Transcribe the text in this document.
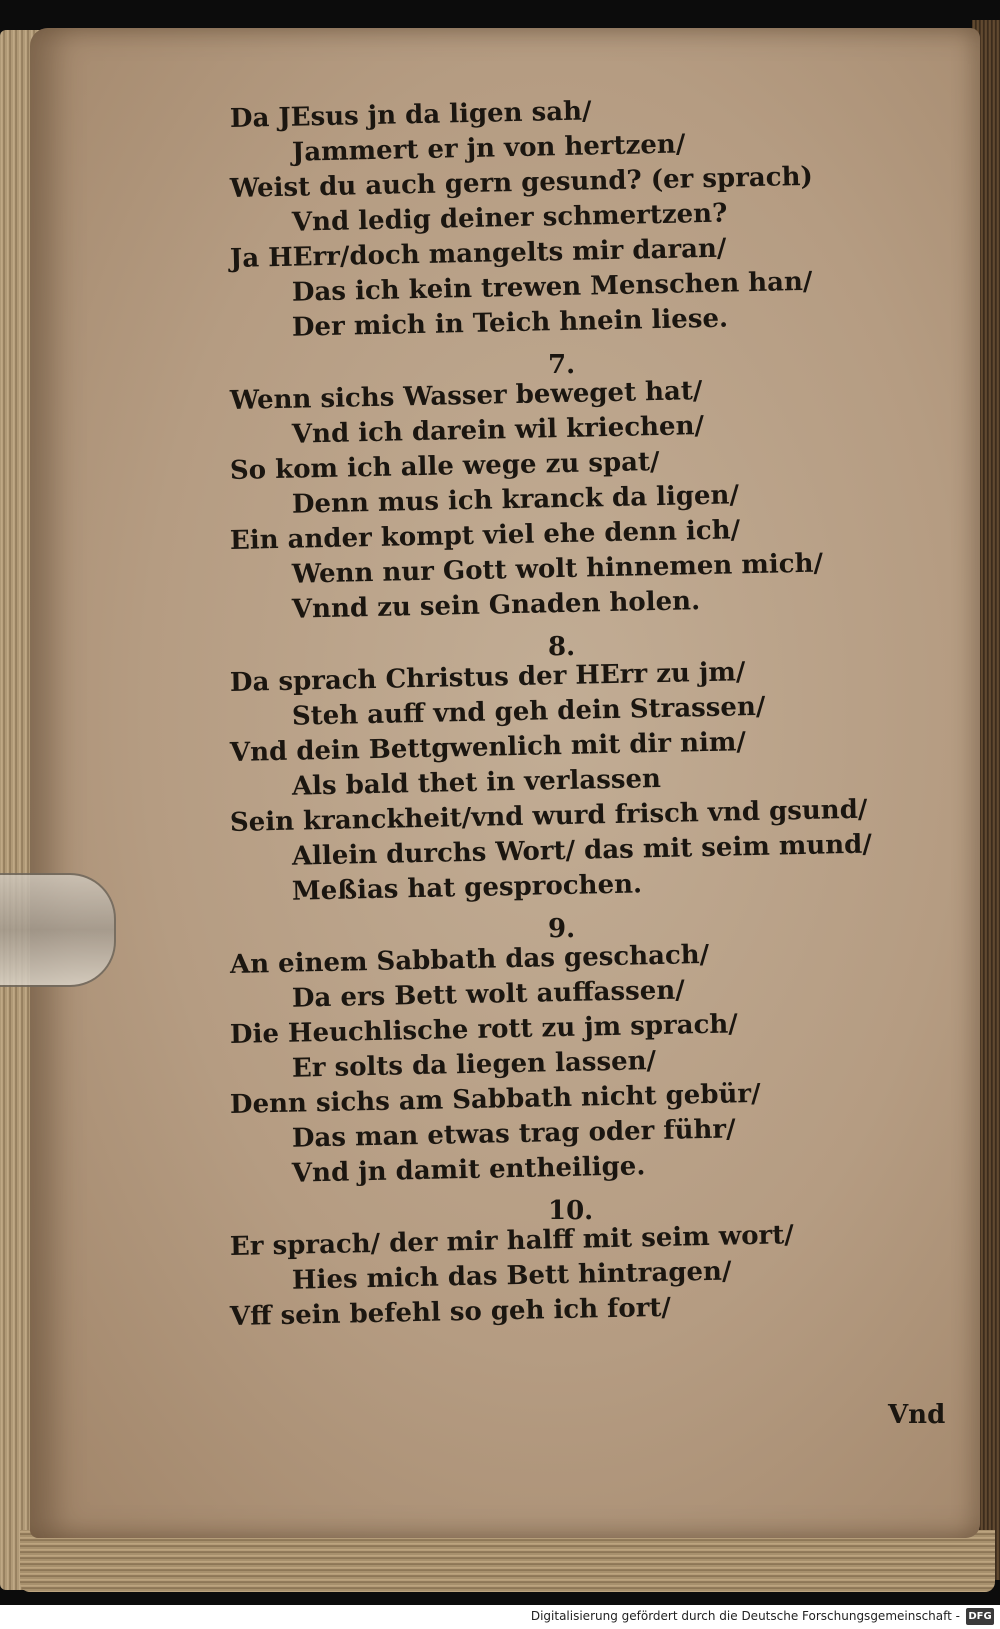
Da JEsus jn da ligen sah/
Jammert er jn von hertzen/
Weist du auch gern gesund? (er sprach)
Vnd ledig deiner schmertzen?
Ja HErr/doch mangelts mir daran/
Das ich kein trewen Menschen han/
Der mich in Teich hnein liese.
7.
Wenn sichs Wasser beweget hat/
Vnd ich darein wil kriechen/
So kom ich alle wege zu spat/
Denn mus ich kranck da ligen/
Ein ander kompt viel ehe denn ich/
Wenn nur Gott wolt hinnemen mich/
Vnnd zu sein Gnaden holen.
8.
Da sprach Christus der HErr zu jm/
Steh auff vnd geh dein Strassen/
Vnd dein Bettgwenlich mit dir nim/
Als bald thet in verlassen
Sein kranckheit/vnd wurd frisch vnd gsund/
Allein durchs Wort/ das mit seim mund/
Meßias hat gesprochen.
9.
An einem Sabbath das geschach/
Da ers Bett wolt auffassen/
Die Heuchlische rott zu jm sprach/
Er solts da liegen lassen/
Denn sichs am Sabbath nicht gebür/
Das man etwas trag oder führ/
Vnd jn damit entheilige.
10.
Er sprach/ der mir halff mit seim wort/
Hies mich das Bett hintragen/
Vff sein befehl so geh ich fort/
Vnd
Digitalisierung gefördert durch die Deutsche Forschungsgemeinschaft - DFG
